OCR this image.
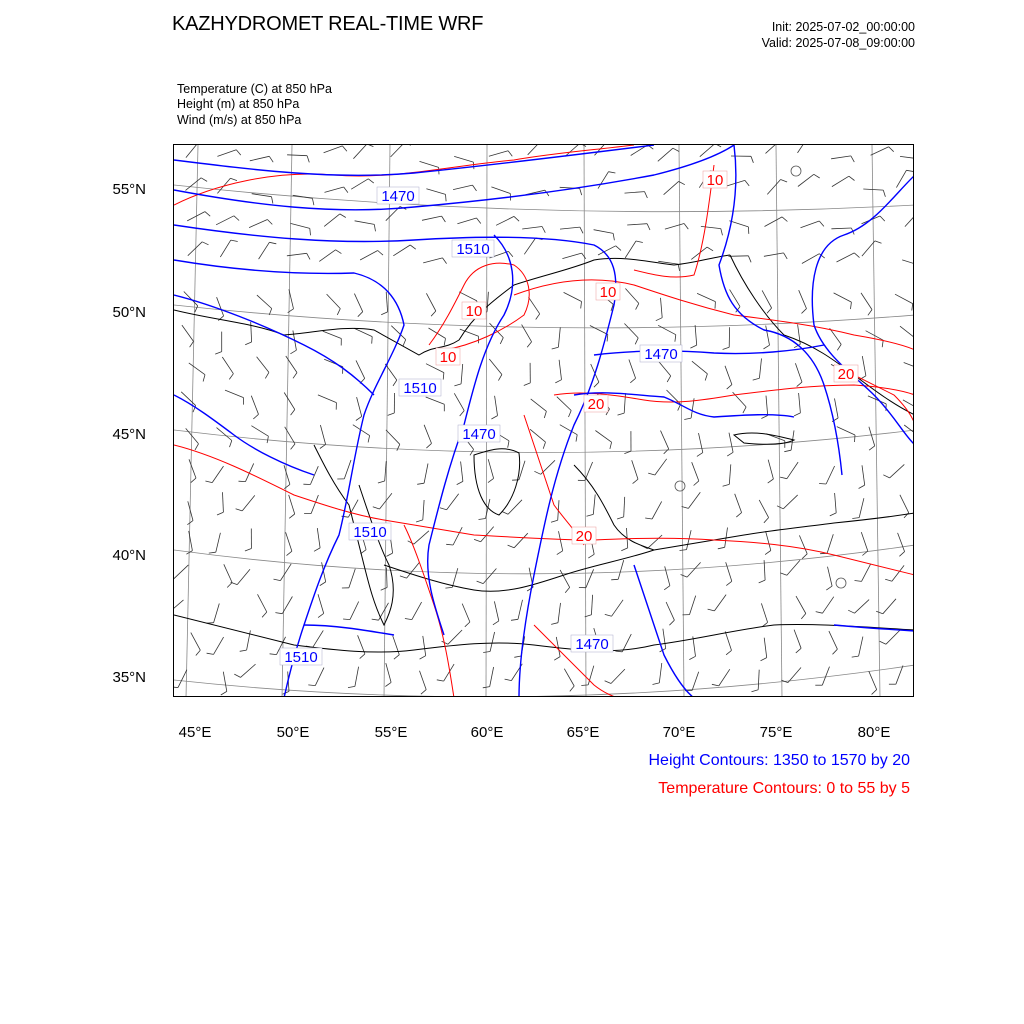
KAZHYDROMET REAL-TIME WRF	Init: 2025-07-02_00:00:00
Valid: 2025-07-08_09:00:00
Temperature (C) at 850 hPa
Height (m) at 850 hPa
Wind (m/s) at 850 hPa
1470
1510
1510
1470
1470
1510
1470
1510
10
10
10
10
20
20
20
55°N
50°N
45°N
40°N
35°N
45°E	50°E	55°E	60°E	65°E	70°E	75°E	80°E
Height Contours: 1350 to 1570 by 20
Temperature Contours: 0 to 55 by 5
